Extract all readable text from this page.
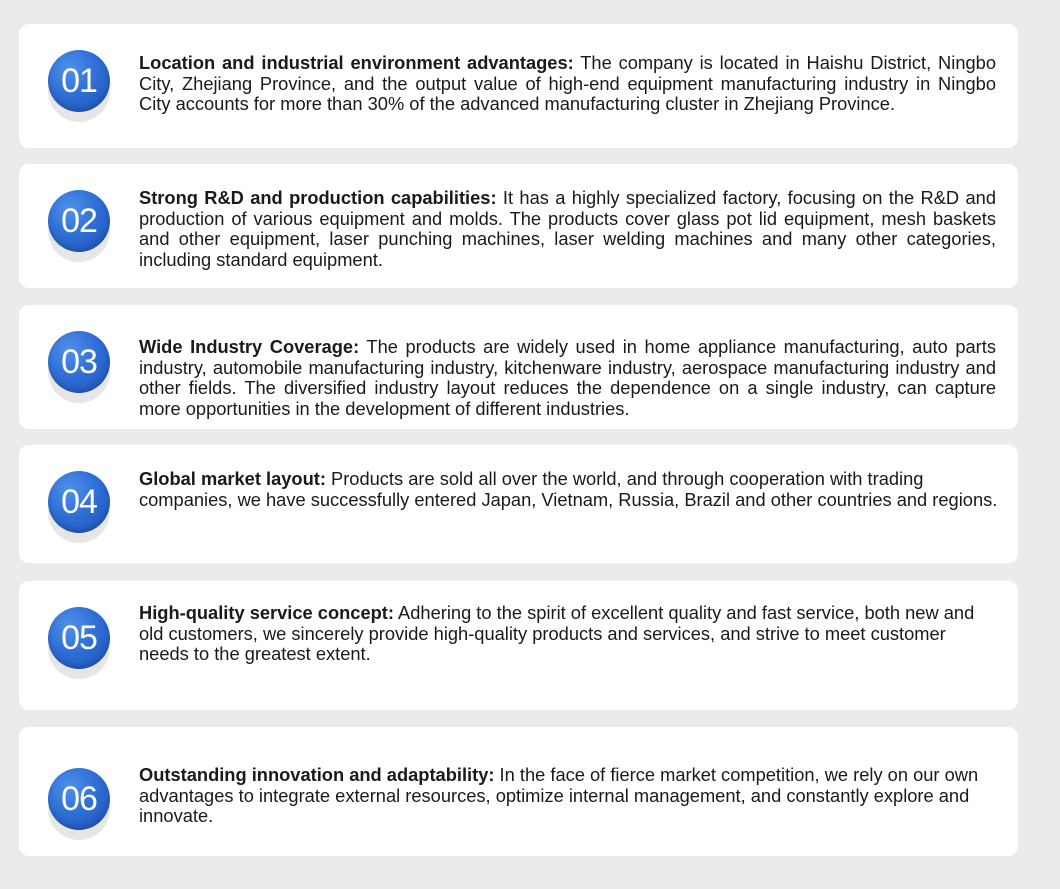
01	Location and industrial environment advantages: The company is located in Haishu District, Ningbo City, Zhejiang Province, and the output value of high-end equipment manufacturing industry in Ningbo City accounts for more than 30% of the advanced manufacturing cluster in Zhejiang Province.
02
Strong R&D and production capabilities: It has a highly specialized factory, focusing on the R&D and production of various equipment and molds. The products cover glass pot lid equipment, mesh baskets and other equipment, laser punching machines, laser welding machines and many other categories, including standard equipment.
03	Wide Industry Coverage: The products are widely used in home appliance manufacturing, auto parts industry, automobile manufacturing industry, kitchenware industry, aerospace manufacturing industry and other fields. The diversified industry layout reduces the dependence on a single industry, can capture more opportunities in the development of different industries.
04
Global market layout: Products are sold all over the world, and through cooperation with trading companies, we have successfully entered Japan, Vietnam, Russia, Brazil and other countries and regions.
05
High-quality service concept: Adhering to the spirit of excellent quality and fast service, both new and old customers, we sincerely provide high-quality products and services, and strive to meet customer needs to the greatest extent.
06
Outstanding innovation and adaptability: In the face of fierce market competition, we rely on our own advantages to integrate external resources, optimize internal management, and constantly explore and innovate.
